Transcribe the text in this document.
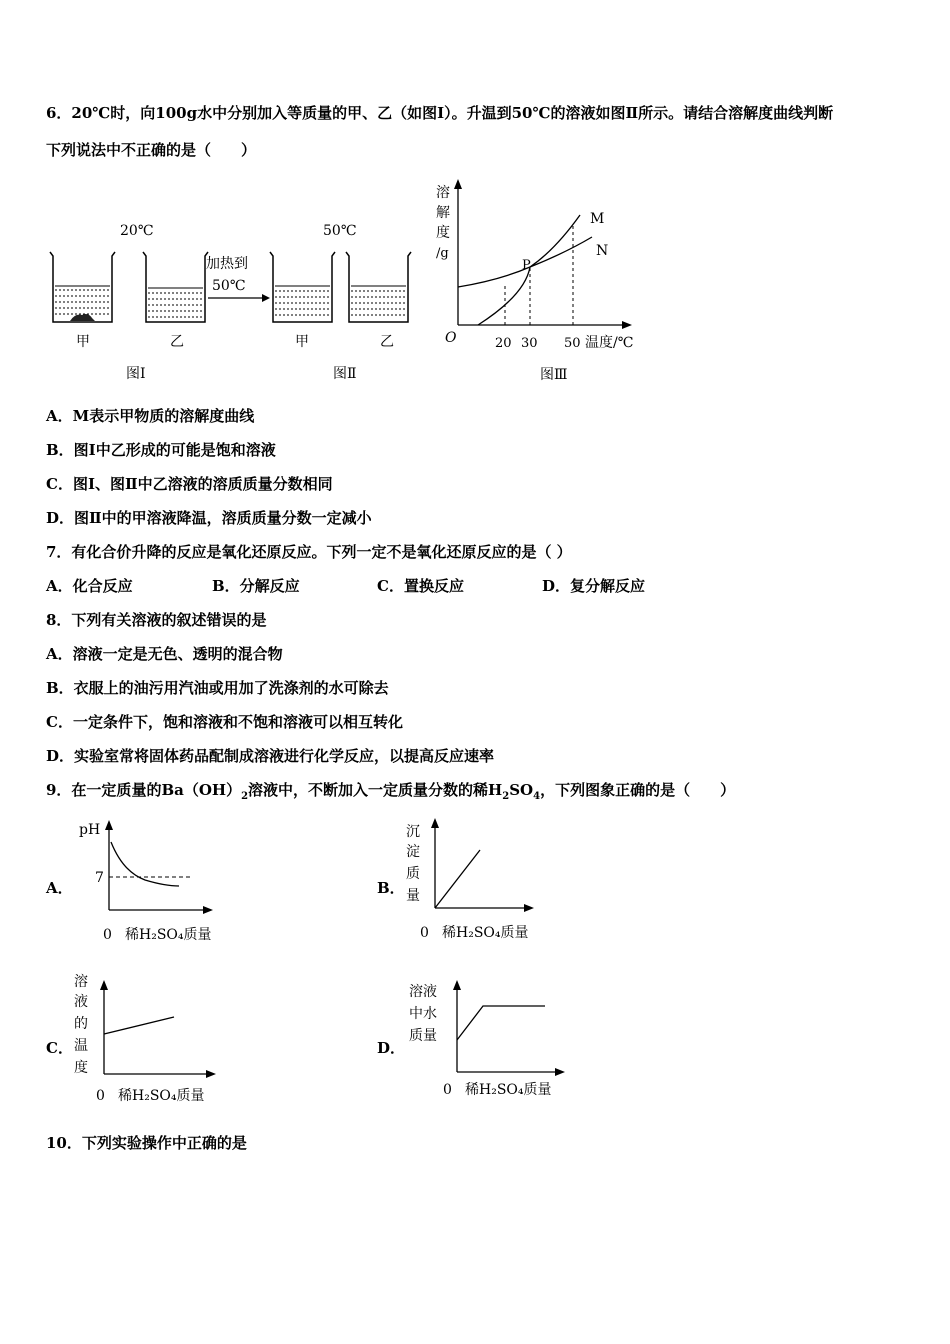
6．20℃时，向100g水中分别加入等质量的甲、乙（如图I）。升温到50℃的溶液如图Ⅱ所示。请结合溶解度曲线判断
下列说法中不正确的是（　　）
20℃
甲	乙
图Ⅰ
加热到
50℃
50℃
甲	乙
图Ⅱ
溶
解
度
/g
M
N
P
O	20 30 50 温度/℃
图Ⅲ
A．M表示甲物质的溶解度曲线
B．图I中乙形成的可能是饱和溶液
C．图Ⅰ、图Ⅱ中乙溶液的溶质质量分数相同
D．图Ⅱ中的甲溶液降温，溶质质量分数一定减小
7．有化合价升降的反应是氧化还原反应。下列一定不是氧化还原反应的是（ ）
A．化合反应	B．分解反应	C．置换反应	D．复分解反应
8．下列有关溶液的叙述错误的是
A．溶液一定是无色、透明的混合物
B．衣服上的油污用汽油或用加了洗涤剂的水可除去
C．一定条件下，饱和溶液和不饱和溶液可以相互转化
D．实验室常将固体药品配制成溶液进行化学反应，以提高反应速率
9．在一定质量的$Ba(OH)_2$溶液中，不断加入一定质量分数的稀$H_2SO_4$，下列图象正确的是（　　）
A．
pH
7
0 稀H₂SO₄质量
B．
沉
淀
质
量
0 稀H₂SO₄质量
C．
溶
液
的
温
度
0 稀H₂SO₄质量
D．
溶液
中水
质量
0 稀H₂SO₄质量
10．下列实验操作中正确的是
